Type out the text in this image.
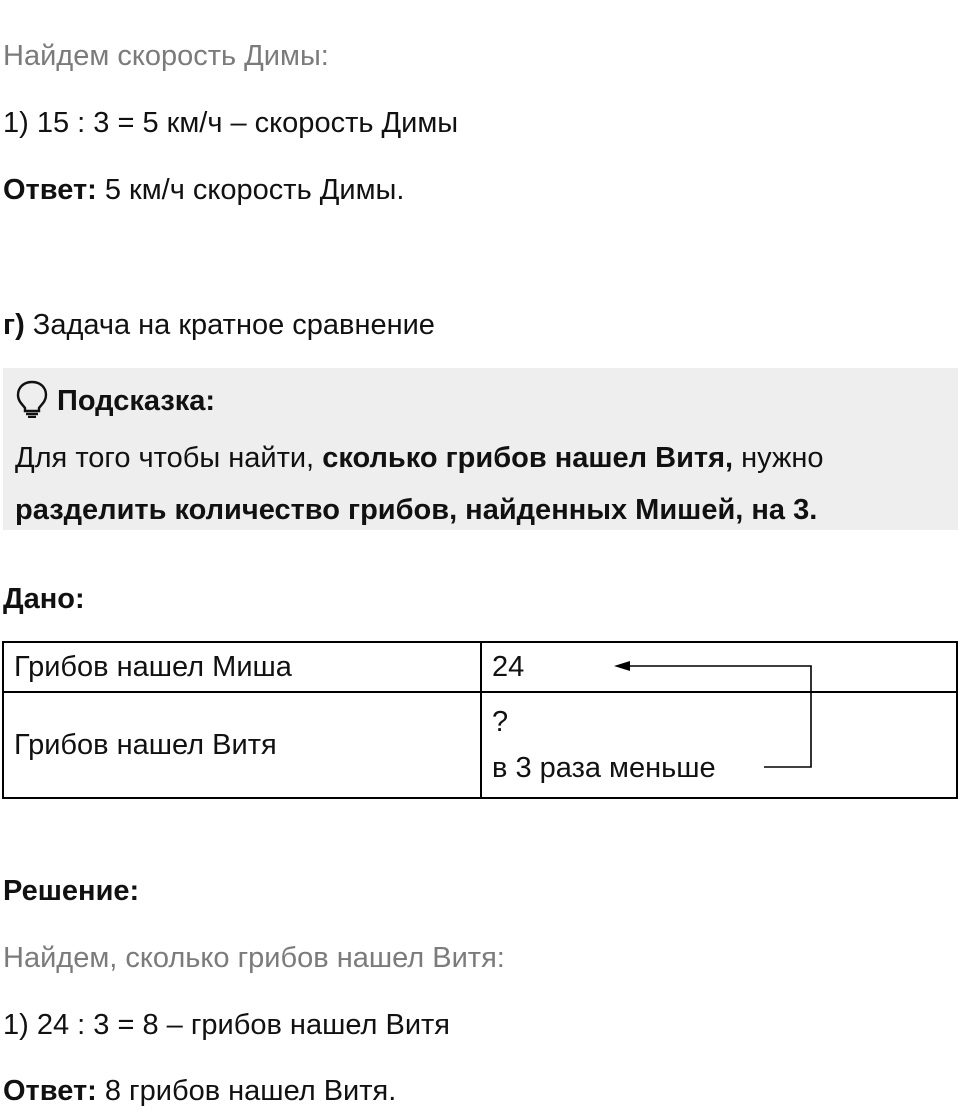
Найдем скорость Димы:
1) 15 : 3 = 5 км/ч – скорость Димы
Ответ: 5 км/ч скорость Димы.
г) Задача на кратное сравнение
Подсказка:
Для того чтобы найти, сколько грибов нашел Витя, нужно разделить количество грибов, найденных Мишей, на 3.
Дано:
Грибов нашел Миша	24
Грибов нашел Витя	?
в 3 раза меньше
Решение:
Найдем, сколько грибов нашел Витя:
1) 24 : 3 = 8 – грибов нашел Витя
Ответ: 8 грибов нашел Витя.
